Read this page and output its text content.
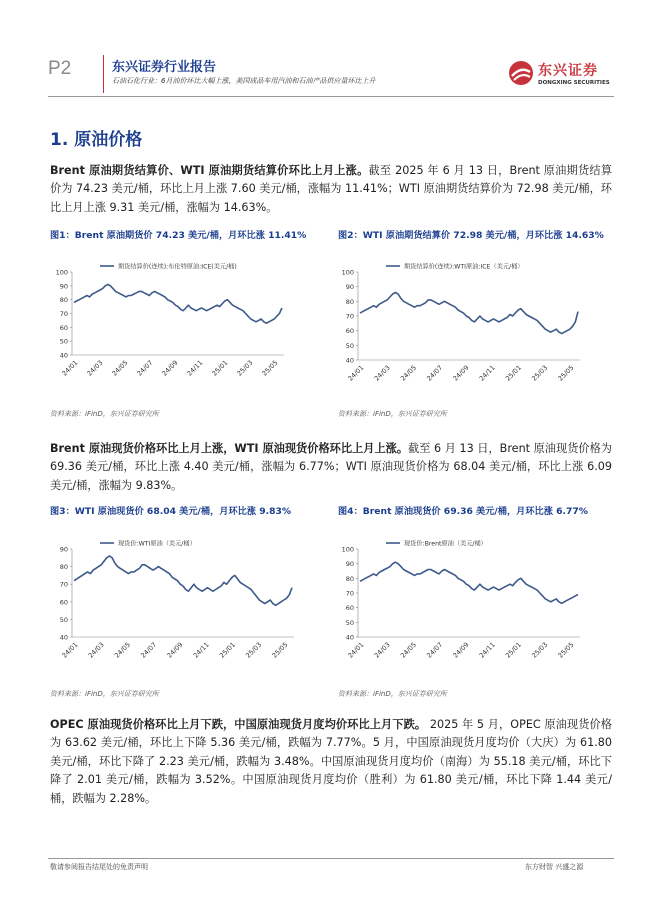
P2	东兴证券行业报告
石油石化行业：6月油价环比大幅上涨，美国成品车用汽油和石油产品供应量环比上升
东兴证券
DONGXING SECURITIES
1. 原油价格
Brent 原油期货结算价、WTI 原油期货结算价环比上月上涨。截至 2025 年 6 月 13 日，Brent 原油期货结算价为 74.23 美元/桶，环比上月上涨 7.60 美元/桶，涨幅为 11.41%；WTI 原油期货结算价为 72.98 美元/桶，环比上月上涨 9.31 美元/桶，涨幅为 14.63%。
图1：Brent 原油期货价 74.23 美元/桶，月环比涨 11.41%	图2：WTI 原油期货结算价 72.98 美元/桶，月环比涨 14.63%
40
50
60
70
80
90
100
24/01 24/03 24/05 24/07 24/09 24/11 25/01 25/03 25/05
期货结算价(连续):布伦特原油:ICE(美元/桶)
40
50
60
70
80
90
100
24/01 24/03 24/05 24/07 24/09 24/11 25/01 25/03 25/05
期货结算价(连续):WTI原油:ICE（美元/桶）
资料来源：iFinD，东兴证券研究所	资料来源：iFinD，东兴证券研究所
Brent 原油现货价格环比上月上涨，WTI 原油现货价格环比上月上涨。截至 6 月 13 日，Brent 原油现货价格为 69.36 美元/桶，环比上涨 4.40 美元/桶，涨幅为 6.77%；WTI 原油现货价格为 68.04 美元/桶，环比上涨 6.09 美元/桶，涨幅为 9.83%。
图3：WTI 原油现货价 68.04 美元/桶，月环比涨 9.83%	图4：Brent 原油现货价 69.36 美元/桶，月环比涨 6.77%
40
50
60
70
80
90
24/01 24/03 24/05 24/07 24/09 24/11 25/01 25/03 25/05
现货价:WTI原油（美元/桶）
40
50
60
70
80
90
100
24/01 24/03 24/05 24/07 24/09 24/11 25/01 25/03 25/05
现货价:Brent原油（美元/桶）
资料来源：iFinD，东兴证券研究所	资料来源：iFinD，东兴证券研究所
OPEC 原油现货价格环比上月下跌，中国原油现货月度均价环比上月下跌。 2025 年 5 月，OPEC 原油现货价格为 63.62 美元/桶，环比上下降 5.36 美元/桶，跌幅为 7.77%。5 月，中国原油现货月度均价（大庆）为 61.80 美元/桶，环比下降了 2.23 美元/桶，跌幅为 3.48%。中国原油现货月度均价（南海）为 55.18 美元/桶，环比下降了 2.01 美元/桶，跌幅为 3.52%。中国原油现货月度均价（胜利）为 61.80 美元/桶，环比下降 1.44 美元/桶，跌幅为 2.28%。
敬请参阅报告结尾处的免责声明	东方财智 兴盛之源
